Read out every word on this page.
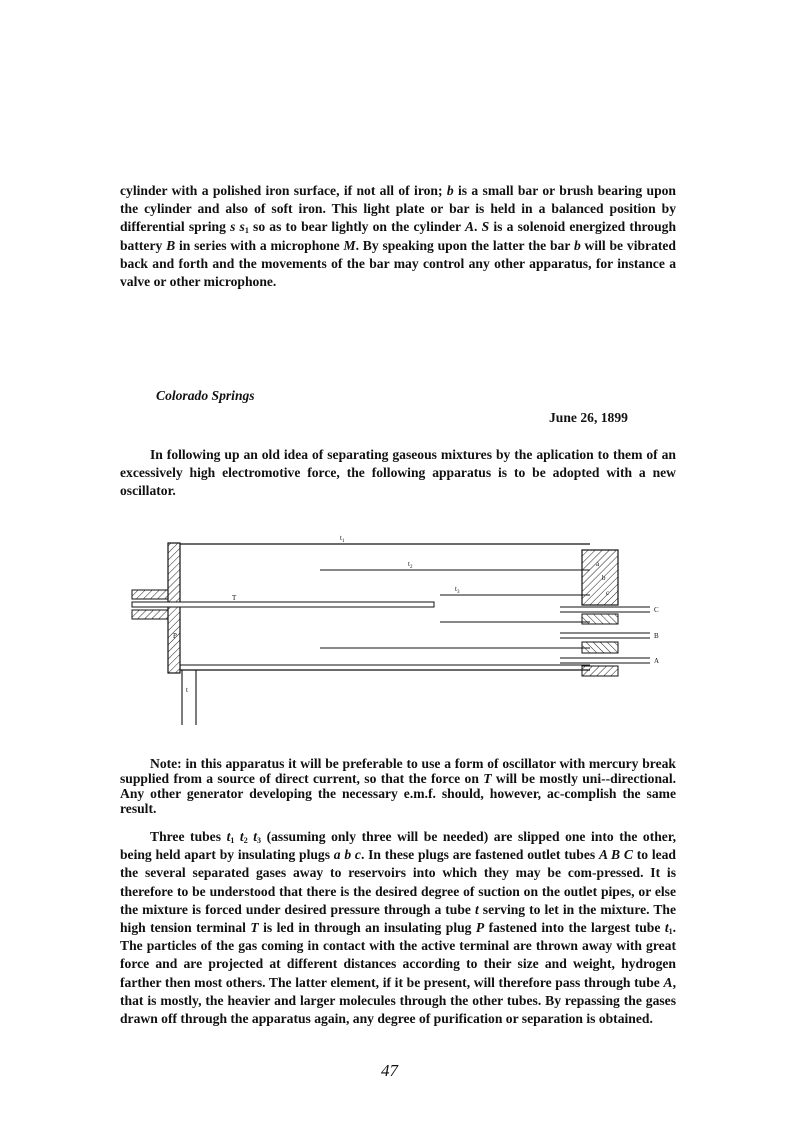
cylinder with a polished iron surface, if not all of iron; b is a small bar or brush bearing upon the cylinder and also of soft iron. This light plate or bar is held in a balanced position by differential spring s $s_1$ so as to bear lightly on the cylinder A. S is a solenoid energized through battery B in series with a microphone M. By speaking upon the latter the bar b will be vibrated back and forth and the movements of the bar may control any other apparatus, for instance a valve or other microphone.

Colorado Springs
June 26, 1899

In following up an old idea of separating gaseous mixtures by the aplication to them of an excessively high electromotive force, the following apparatus is to be adopted with a new oscillator.

$t_1$
$t_2$
$t_3$
T
P
t
a
b
c
C
B
A

Note: in this apparatus it will be preferable to use a form of oscillator with mercury break supplied from a source of direct current, so that the force on T will be mostly uni--directional. Any other generator developing the necessary e.m.f. should, however, ac-complish the same result.

Three tubes $t_1$ $t_2$ $t_3$ (assuming only three will be needed) are slipped one into the other, being held apart by insulating plugs a b c. In these plugs are fastened outlet tubes A B C to lead the several separated gases away to reservoirs into which they may be com-pressed. It is therefore to be understood that there is the desired degree of suction on the outlet pipes, or else the mixture is forced under desired pressure through a tube t serving to let in the mixture. The high tension terminal T is led in through an insulating plug P fastened into the largest tube $t_1$. The particles of the gas coming in contact with the active terminal are thrown away with great force and are projected at different distances according to their size and weight, hydrogen farther then most others. The latter element, if it be present, will therefore pass through tube A, that is mostly, the heavier and larger molecules through the other tubes. By repassing the gases drawn off through the apparatus again, any degree of purification or separation is obtained.

47
